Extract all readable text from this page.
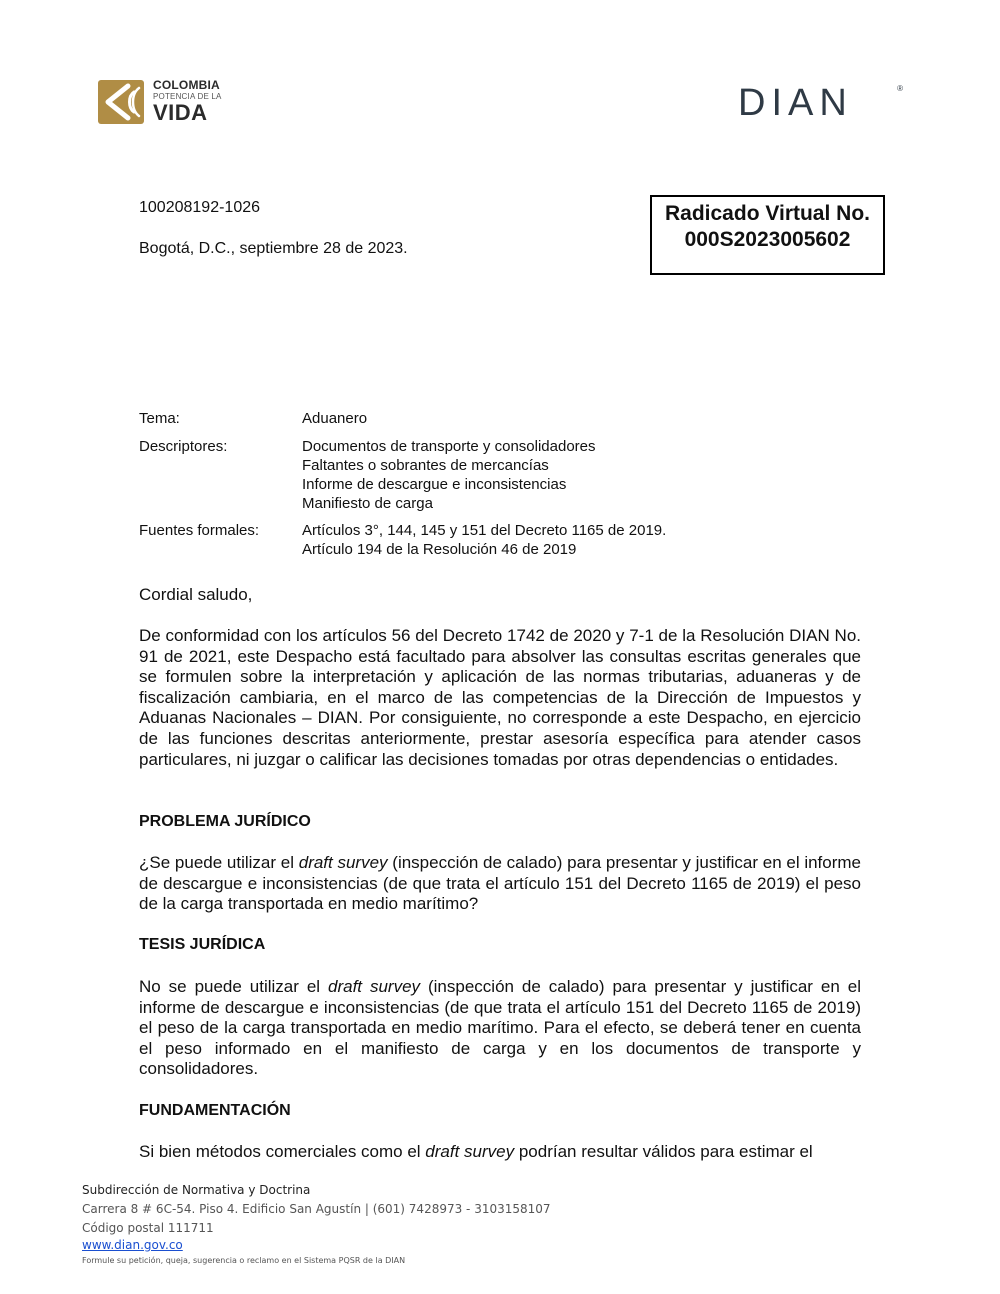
COLOMBIA
POTENCIA DE LA
VIDA	DIAN	®
100208192-1026
Bogotá, D.C., septiembre 28 de 2023.
Radicado Virtual No.
000S2023005602
Tema:	Aduanero
Descriptores:	Documentos de transporte y consolidadores
Faltantes o sobrantes de mercancías
Informe de descargue e inconsistencias
Manifiesto de carga
Fuentes formales:	Artículos 3°, 144, 145 y 151 del Decreto 1165 de 2019.
Artículo 194 de la Resolución 46 de 2019
Cordial saludo,
De conformidad con los artículos 56 del Decreto 1742 de 2020 y 7-1 de la Resolución DIAN No. 91 de 2021, este Despacho está facultado para absolver las consultas escritas generales que se formulen sobre la interpretación y aplicación de las normas tributarias, aduaneras y de fiscalización cambiaria, en el marco de las competencias de la Dirección de Impuestos y Aduanas Nacionales – DIAN. Por consiguiente, no corresponde a este Despacho, en ejercicio de las funciones descritas anteriormente, prestar asesoría específica para atender casos particulares, ni juzgar o calificar las decisiones tomadas por otras dependencias o entidades.
PROBLEMA JURÍDICO
¿Se puede utilizar el draft survey (inspección de calado) para presentar y justificar en el informe de descargue e inconsistencias (de que trata el artículo 151 del Decreto 1165 de 2019) el peso de la carga transportada en medio marítimo?
TESIS JURÍDICA
No se puede utilizar el draft survey (inspección de calado) para presentar y justificar en el informe de descargue e inconsistencias (de que trata el artículo 151 del Decreto 1165 de 2019) el peso de la carga transportada en medio marítimo. Para el efecto, se deberá tener en cuenta el peso informado en el manifiesto de carga y en los documentos de transporte y consolidadores.
FUNDAMENTACIÓN
Si bien métodos comerciales como el draft survey podrían resultar válidos para estimar el
Subdirección de Normativa y Doctrina
Carrera 8 # 6C-54. Piso 4. Edificio San Agustín | (601) 7428973 - 3103158107
Código postal 111711
www.dian.gov.co
Formule su petición, queja, sugerencia o reclamo en el Sistema PQSR de la DIAN
